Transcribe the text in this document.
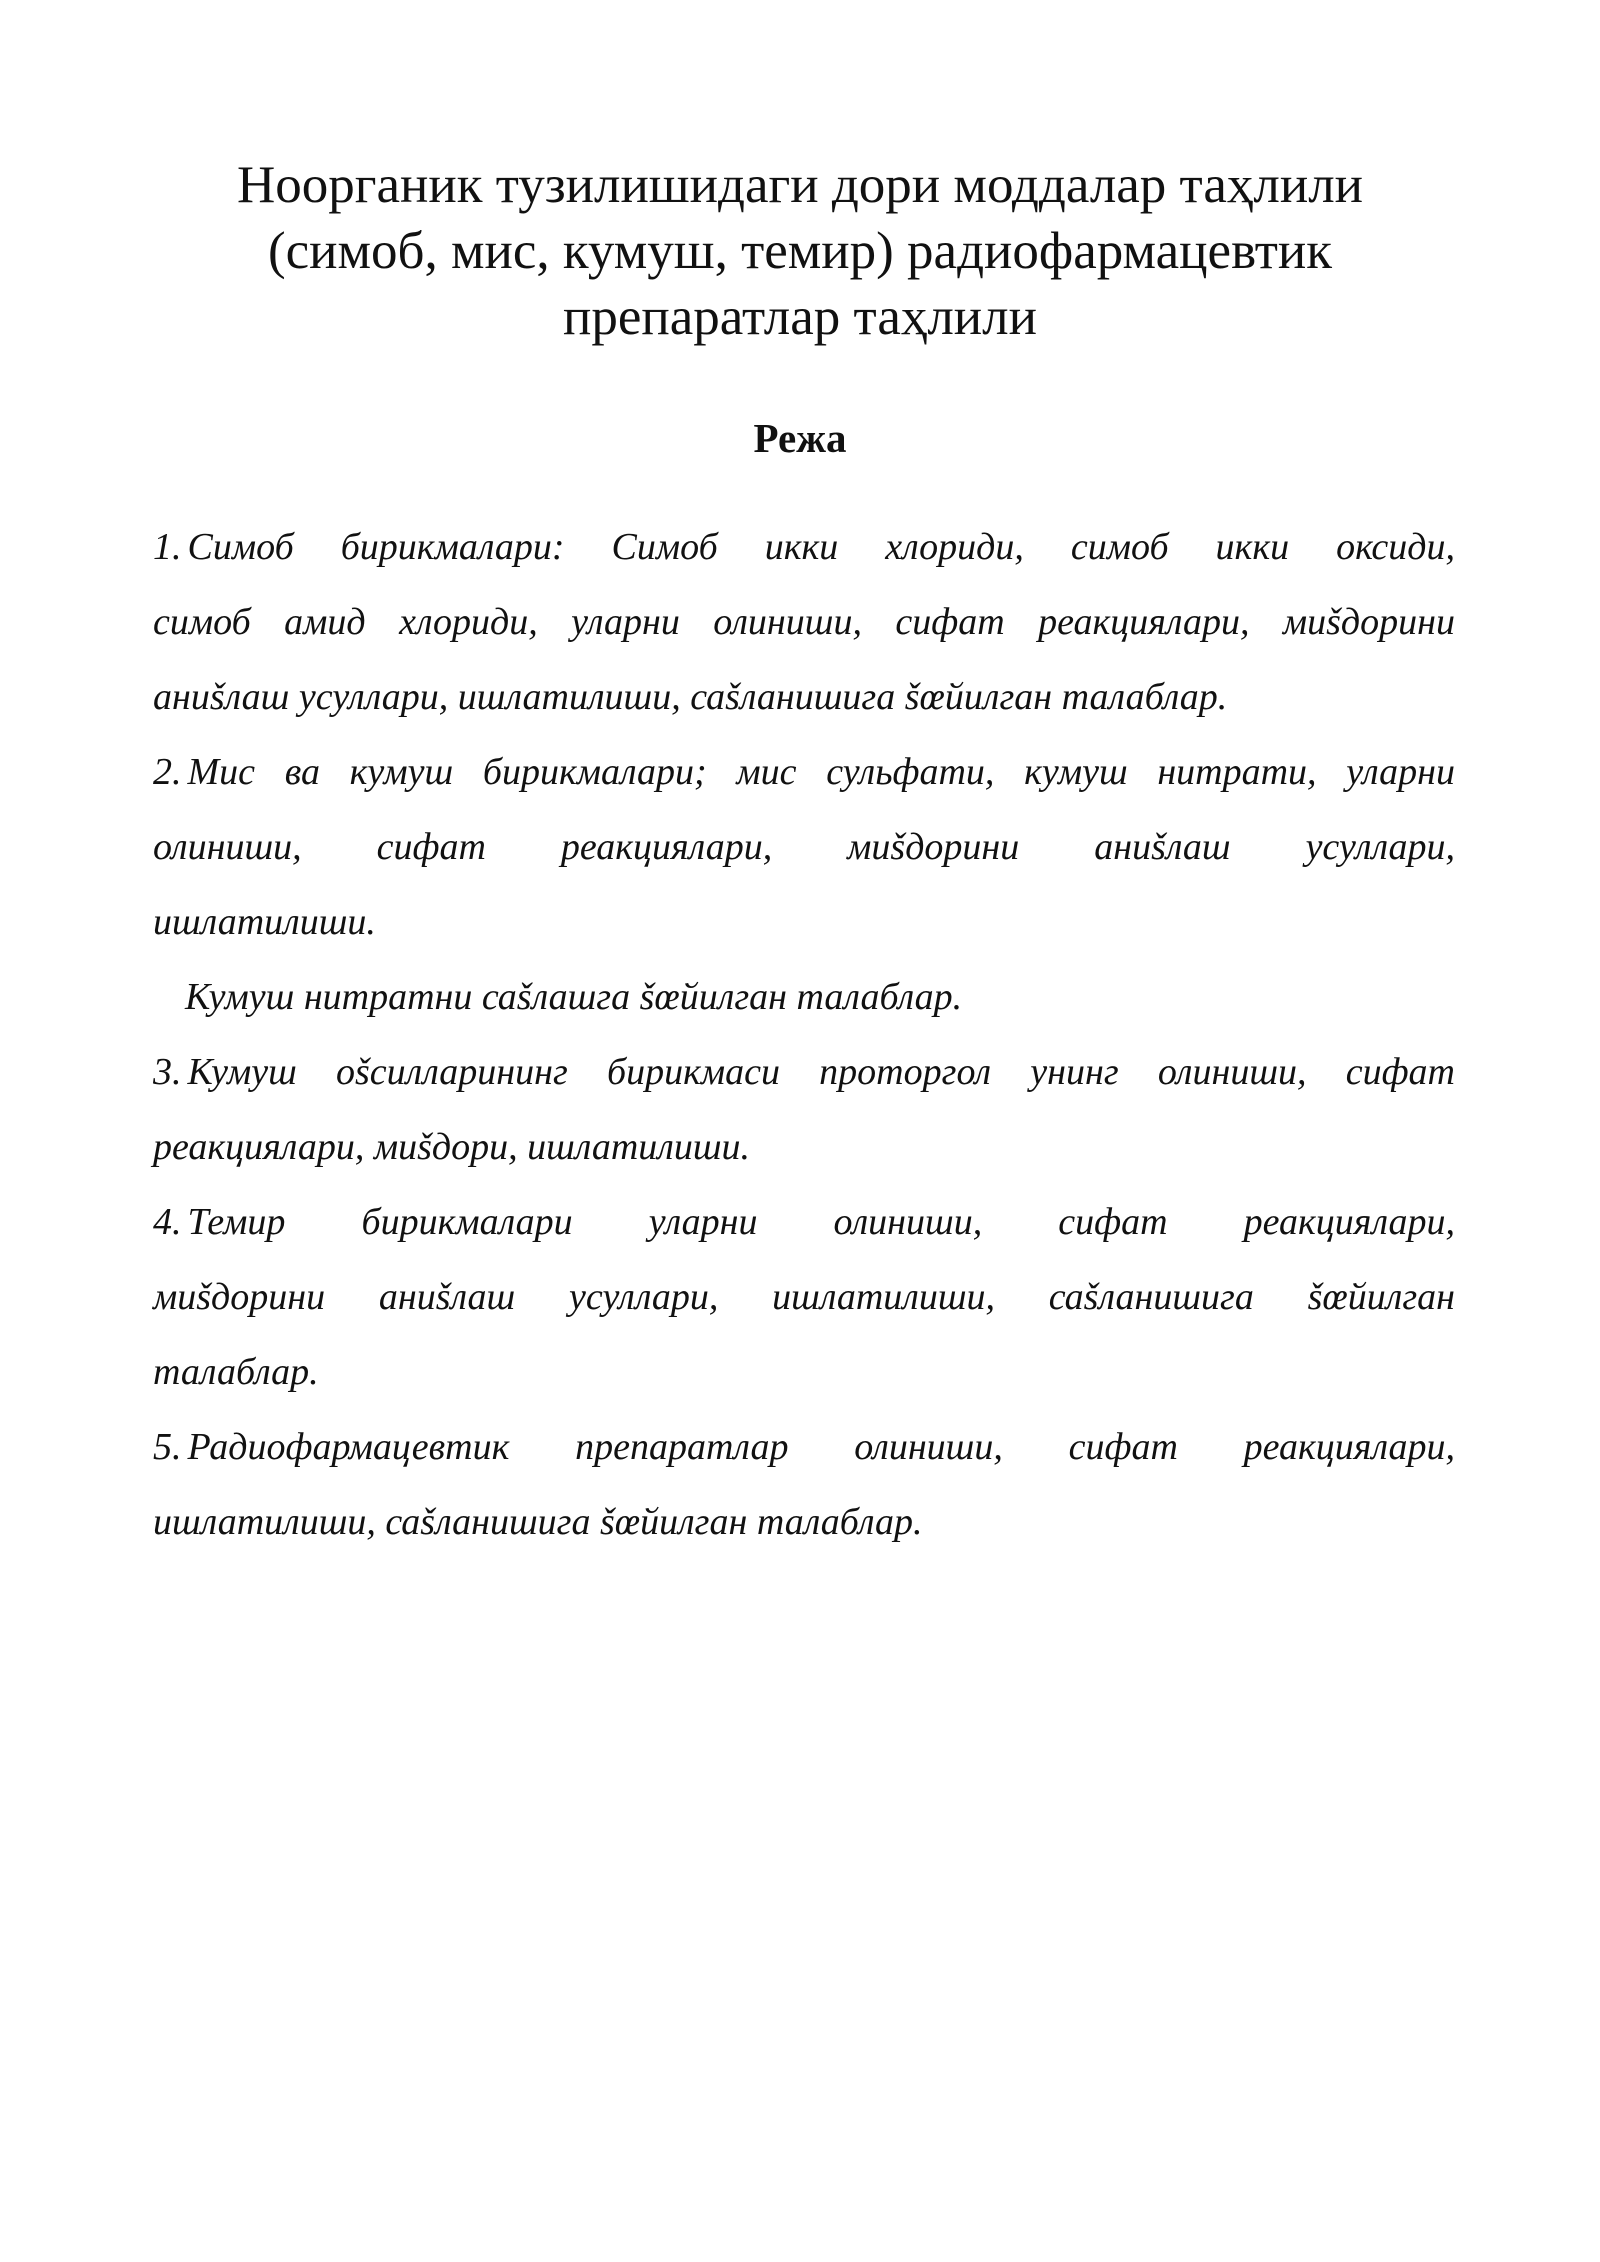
Ноорганик тузилишидаги дори моддалар таҳлили
(симоб, мис, кумуш, темир) радиофармацевтик
препаратлар таҳлили
Режа
1. Симоб бирикмалари: Симоб икки хлориди, симоб икки оксиди,
симоб амид хлориди, уларни олиниши, сифат реакциялари, миšдорини
аниšлаш усуллари, ишлатилиши, саšланишига šœйилган талаблар.
2. Мис ва кумуш бирикмалари; мис сульфати, кумуш нитрати, уларни
олиниши, сифат реакциялари, миšдорини аниšлаш усуллари,
ишлатилиши.
Кумуш нитратни саšлашга šœйилган талаблар.
3. Кумуш оšсилларининг бирикмаси проторгол унинг олиниши, сифат
реакциялари, миšдори, ишлатилиши.
4. Темир бирикмалари уларни олиниши, сифат реакциялари,
миšдорини аниšлаш усуллари, ишлатилиши, саšланишига šœйилган
талаблар.
5. Радиофармацевтик препаратлар олиниши, сифат реакциялари,
ишлатилиши, саšланишига šœйилган талаблар.
